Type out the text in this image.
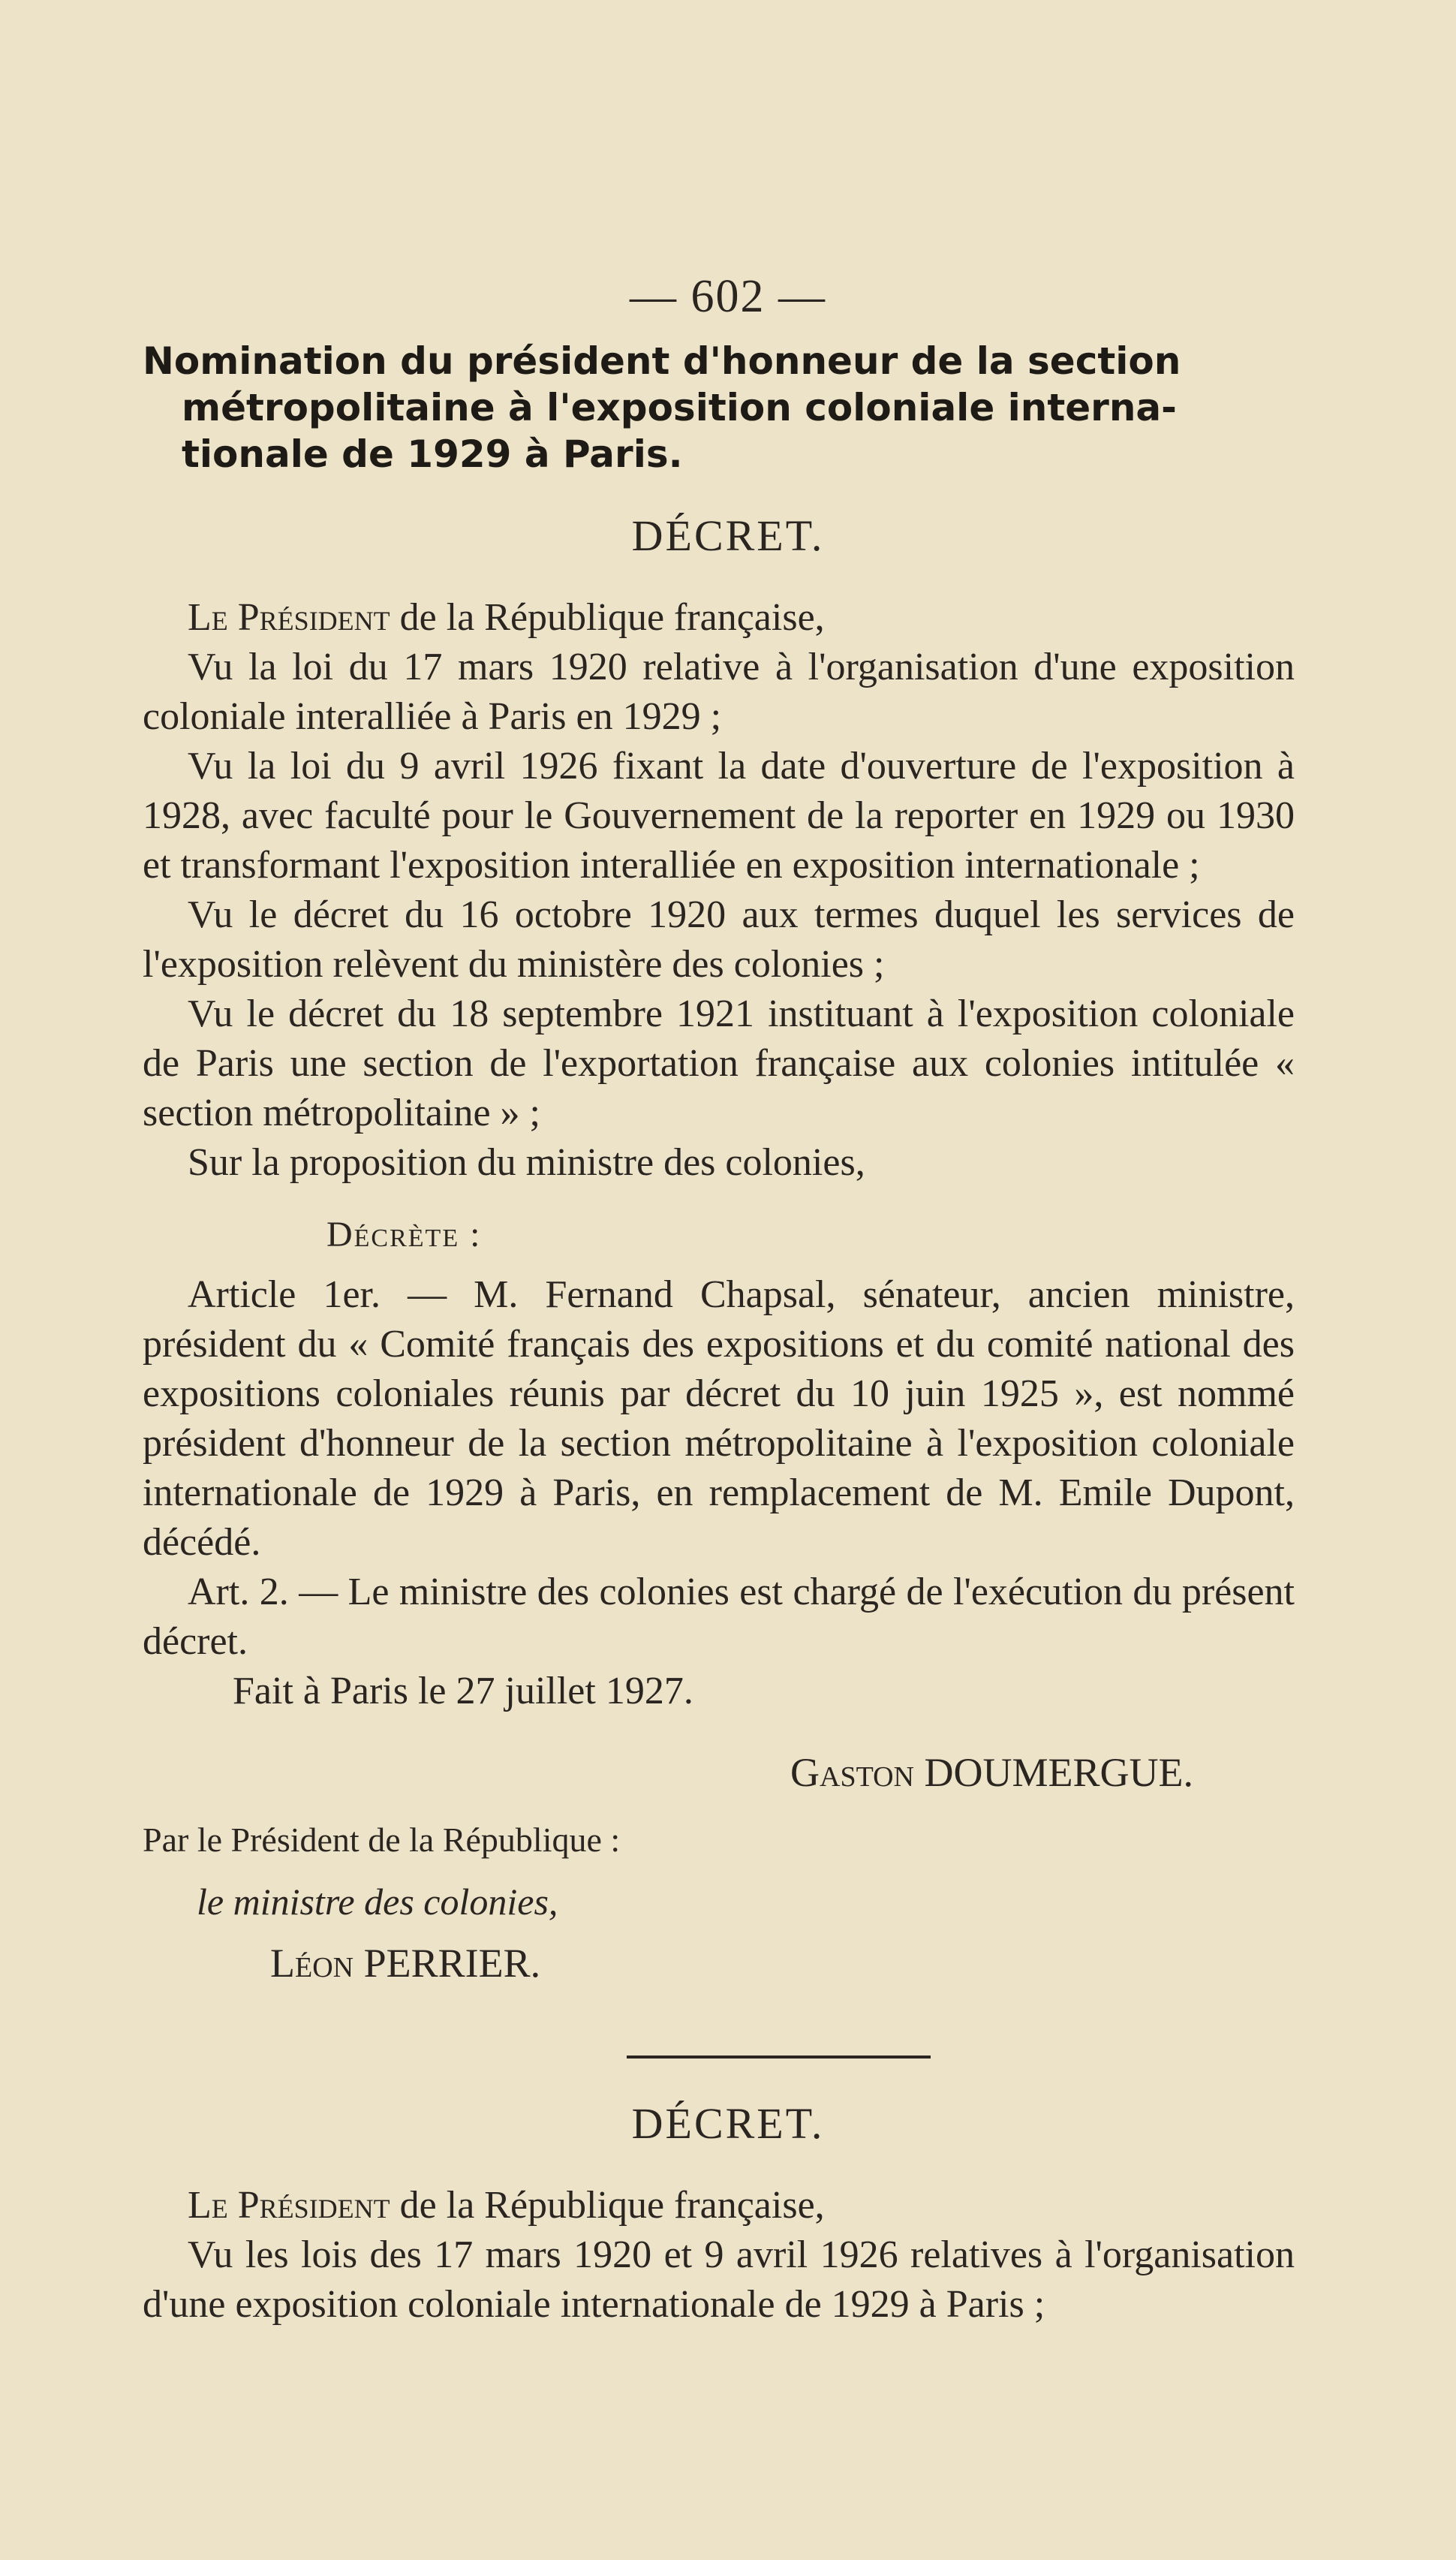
— 602 —
Nomination du président d'honneur de la section
métropolitaine à l'exposition coloniale interna-
tionale de 1929 à Paris.
DÉCRET.

Le Président de la République française,

Vu la loi du 17 mars 1920 relative à l'organisation d'une exposition coloniale interalliée à Paris en 1929 ;

Vu la loi du 9 avril 1926 fixant la date d'ouverture de l'exposition à 1928, avec faculté pour le Gouvernement de la reporter en 1929 ou 1930 et transformant l'exposition interalliée en exposition internationale ;

Vu le décret du 16 octobre 1920 aux termes duquel les services de l'exposition relèvent du ministère des colonies ;

Vu le décret du 18 septembre 1921 instituant à l'exposition coloniale de Paris une section de l'exportation française aux colonies intitulée « section métropolitaine » ;

Sur la proposition du ministre des colonies,

Décrète :

Article 1er. — M. Fernand Chapsal, sénateur, ancien ministre, président du « Comité français des expositions et du comité national des expositions coloniales réunis par décret du 10 juin 1925 », est nommé président d'honneur de la section métropolitaine à l'exposition coloniale internationale de 1929 à Paris, en remplacement de M. Emile Dupont, décédé.

Art. 2. — Le ministre des colonies est chargé de l'exécution du présent décret.

Fait à Paris le 27 juillet 1927.

Gaston DOUMERGUE.
Par le Président de la République :
le ministre des colonies,
Léon PERRIER.
DÉCRET.

Le Président de la République française,

Vu les lois des 17 mars 1920 et 9 avril 1926 relatives à l'organisation d'une exposition coloniale internationale de 1929 à Paris ;
